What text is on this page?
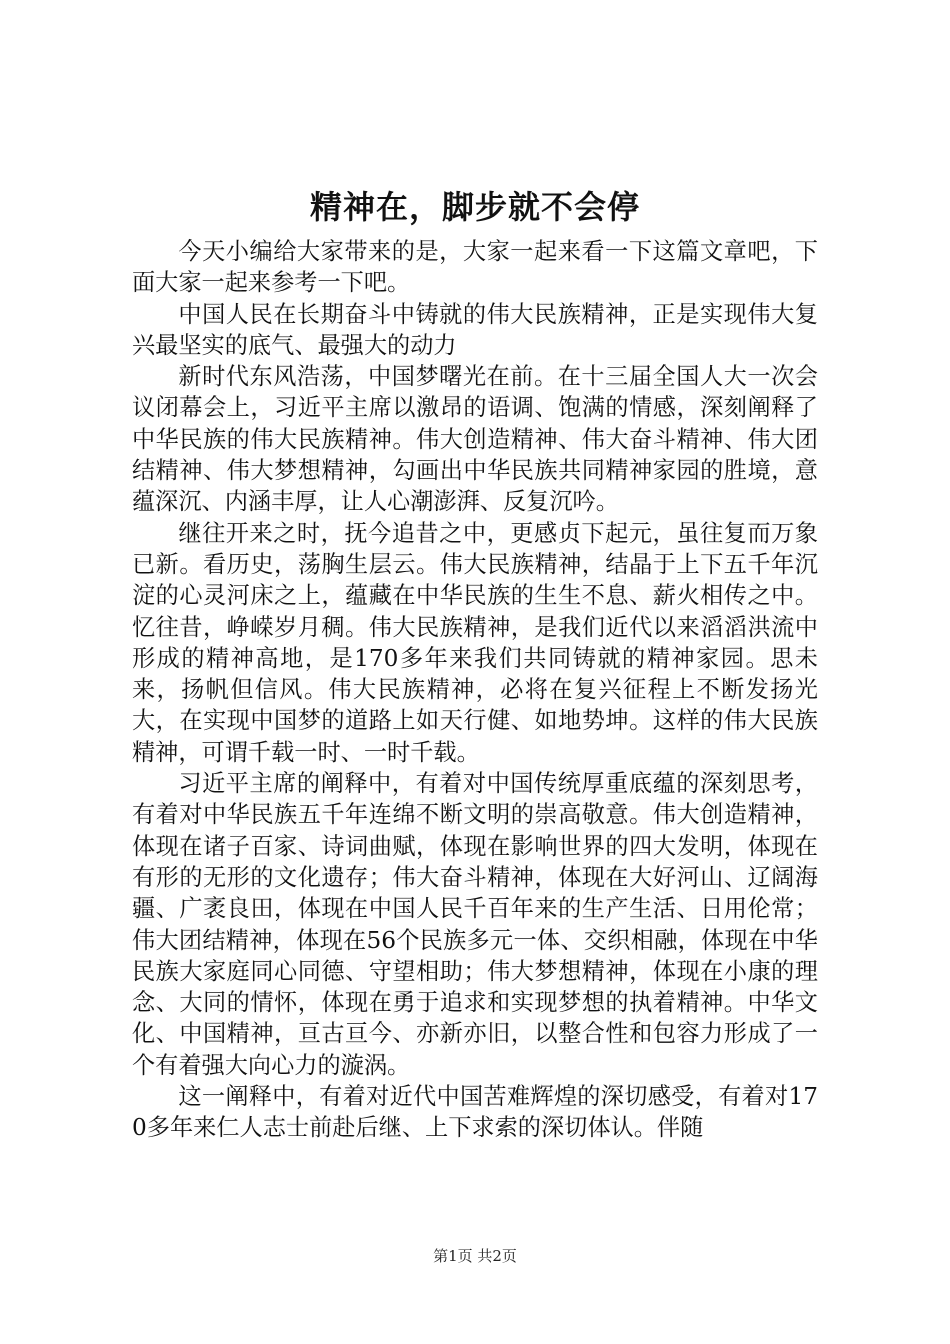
精神在，脚步就不会停

今天小编给大家带来的是，大家一起来看一下这篇文章吧，下面大家一起来参考一下吧。

中国人民在长期奋斗中铸就的伟大民族精神，正是实现伟大复兴最坚实的底气、最强大的动力

新时代东风浩荡，中国梦曙光在前。在十三届全国人大一次会议闭幕会上，习近平主席以激昂的语调、饱满的情感，深刻阐释了中华民族的伟大民族精神。伟大创造精神、伟大奋斗精神、伟大团结精神、伟大梦想精神，勾画出中华民族共同精神家园的胜境，意蕴深沉、内涵丰厚，让人心潮澎湃、反复沉吟。

继往开来之时，抚今追昔之中，更感贞下起元，虽往复而万象已新。看历史，荡胸生层云。伟大民族精神，结晶于上下五千年沉淀的心灵河床之上，蕴藏在中华民族的生生不息、薪火相传之中。忆往昔，峥嵘岁月稠。伟大民族精神，是我们近代以来滔滔洪流中形成的精神高地，是170多年来我们共同铸就的精神家园。思未来，扬帆但信风。伟大民族精神，必将在复兴征程上不断发扬光大，在实现中国梦的道路上如天行健、如地势坤。这样的伟大民族精神，可谓千载一时、一时千载。

习近平主席的阐释中，有着对中国传统厚重底蕴的深刻思考，有着对中华民族五千年连绵不断文明的崇高敬意。伟大创造精神，体现在诸子百家、诗词曲赋，体现在影响世界的四大发明，体现在有形的无形的文化遗存；伟大奋斗精神，体现在大好河山、辽阔海疆、广袤良田，体现在中国人民千百年来的生产生活、日用伦常；伟大团结精神，体现在56个民族多元一体、交织相融，体现在中华民族大家庭同心同德、守望相助；伟大梦想精神，体现在小康的理念、大同的情怀，体现在勇于追求和实现梦想的执着精神。中华文化、中国精神，亘古亘今、亦新亦旧，以整合性和包容力形成了一个有着强大向心力的漩涡。

这一阐释中，有着对近代中国苦难辉煌的深切感受，有着对170多年来仁人志士前赴后继、上下求索的深切体认。伴随

第1页 共2页
